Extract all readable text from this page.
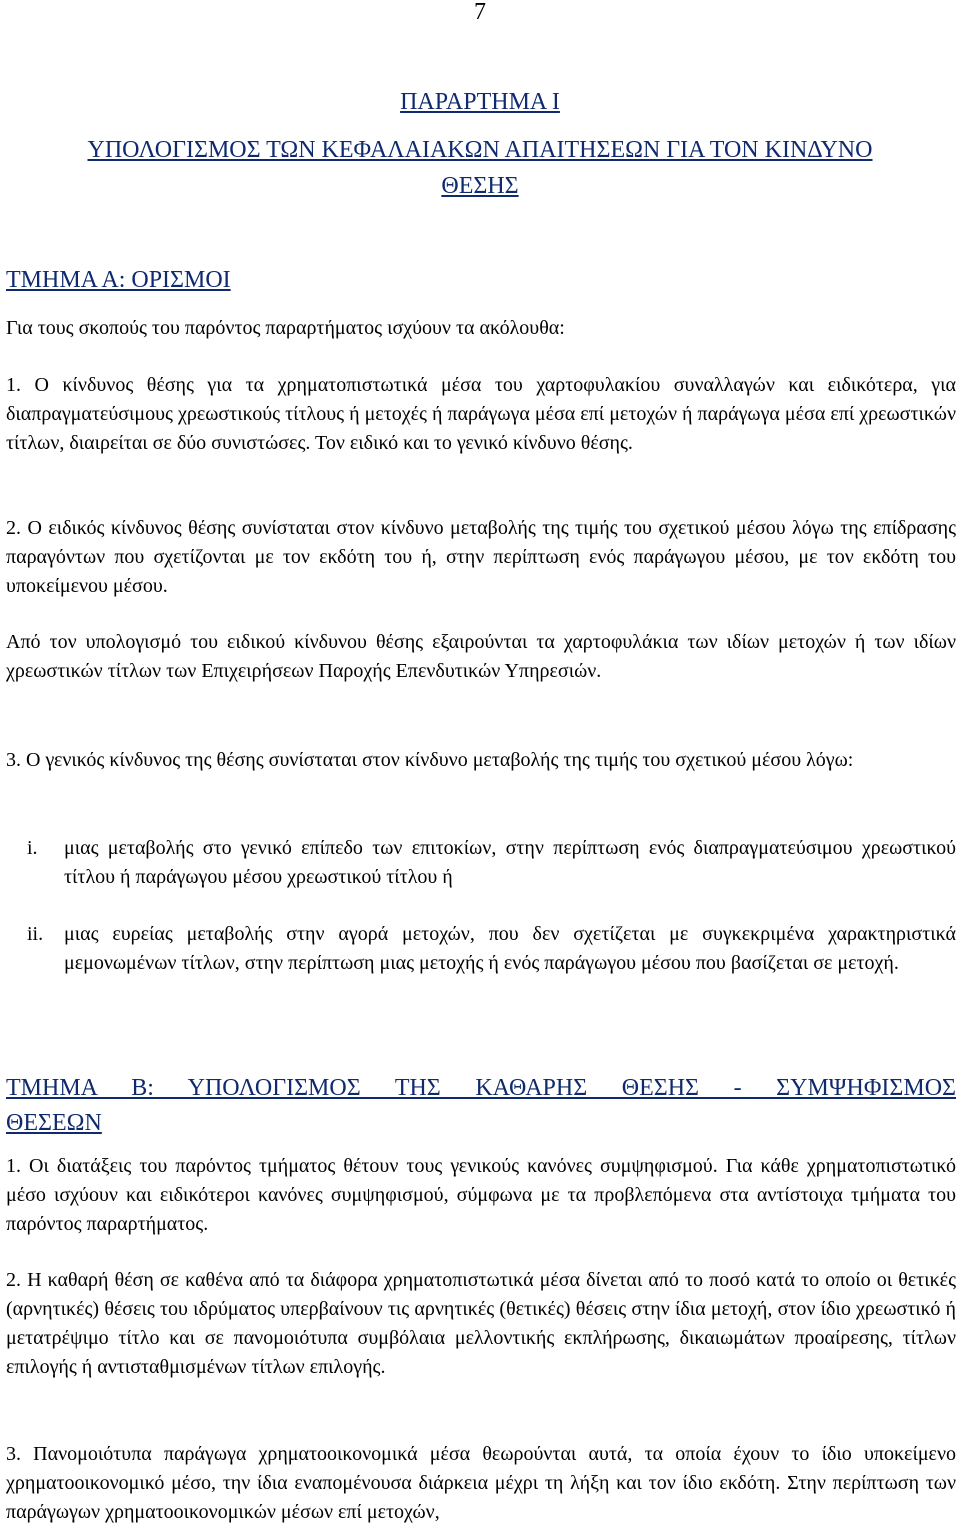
7
ΠΑΡΑΡΤΗΜΑ Ι
ΥΠΟΛΟΓΙΣΜΟΣ ΤΩΝ ΚΕΦΑΛΑΙΑΚΩΝ ΑΠΑΙΤΗΣΕΩΝ ΓΙΑ ΤΟΝ ΚΙΝΔΥΝΟ
ΘΕΣΗΣ
ΤΜΗΜΑ Α: ΟΡΙΣΜΟΙ

Για τους σκοπούς του παρόντος παραρτήματος ισχύουν τα ακόλουθα:

1. Ο κίνδυνος θέσης για τα χρηματοπιστωτικά μέσα του χαρτοφυλακίου συναλλαγών και ειδικότερα, για διαπραγματεύσιμους χρεωστικούς τίτλους ή μετοχές ή παράγωγα μέσα επί μετοχών ή παράγωγα μέσα επί χρεωστικών τίτλων, διαιρείται σε δύο συνιστώσες. Τον ειδικό και το γενικό κίνδυνο θέσης.

2. Ο ειδικός κίνδυνος θέσης συνίσταται στον κίνδυνο μεταβολής της τιμής του σχετικού μέσου λόγω της επίδρασης παραγόντων που σχετίζονται με τον εκδότη του ή, στην περίπτωση ενός παράγωγου μέσου, με τον εκδότη του υποκείμενου μέσου.

Από τον υπολογισμό του ειδικού κίνδυνου θέσης εξαιρούνται τα χαρτοφυλάκια των ιδίων μετοχών ή των ιδίων χρεωστικών τίτλων των Επιχειρήσεων Παροχής Επενδυτικών Υπηρεσιών.

3. Ο γενικός κίνδυνος της θέσης συνίσταται στον κίνδυνο μεταβολής της τιμής του σχετικού μέσου λόγω:

i. μιας μεταβολής στο γενικό επίπεδο των επιτοκίων, στην περίπτωση ενός διαπραγματεύσιμου χρεωστικού τίτλου ή παράγωγου μέσου χρεωστικού τίτλου ή

ii. μιας ευρείας μεταβολής στην αγορά μετοχών, που δεν σχετίζεται με συγκεκριμένα χαρακτηριστικά μεμονωμένων τίτλων, στην περίπτωση μιας μετοχής ή ενός παράγωγου μέσου που βασίζεται σε μετοχή.

ΤΜΗΜΑ Β: ΥΠΟΛΟΓΙΣΜΟΣ ΤΗΣ ΚΑΘΑΡΗΣ ΘΕΣΗΣ - ΣΥΜΨΗΦΙΣΜΟΣ
ΘΕΣΕΩΝ

1. Οι διατάξεις του παρόντος τμήματος θέτουν τους γενικούς κανόνες συμψηφισμού. Για κάθε χρηματοπιστωτικό μέσο ισχύουν και ειδικότεροι κανόνες συμψηφισμού, σύμφωνα με τα προβλεπόμενα στα αντίστοιχα τμήματα του παρόντος παραρτήματος.

2. Η καθαρή θέση σε καθένα από τα διάφορα χρηματοπιστωτικά μέσα δίνεται από το ποσό κατά το οποίο οι θετικές (αρνητικές) θέσεις του ιδρύματος υπερβαίνουν τις αρνητικές (θετικές) θέσεις στην ίδια μετοχή, στον ίδιο χρεωστικό ή μετατρέψιμο τίτλο και σε πανομοιότυπα συμβόλαια μελλοντικής εκπλήρωσης, δικαιωμάτων προαίρεσης, τίτλων επιλογής ή αντισταθμισμένων τίτλων επιλογής.

3. Πανομοιότυπα παράγωγα χρηματοοικονομικά μέσα θεωρούνται αυτά, τα οποία έχουν το ίδιο υποκείμενο χρηματοοικονομικό μέσο, την ίδια εναπομένουσα διάρκεια μέχρι τη λήξη και τον ίδιο εκδότη. Στην περίπτωση των παράγωγων χρηματοοικονομικών μέσων επί μετοχών,
